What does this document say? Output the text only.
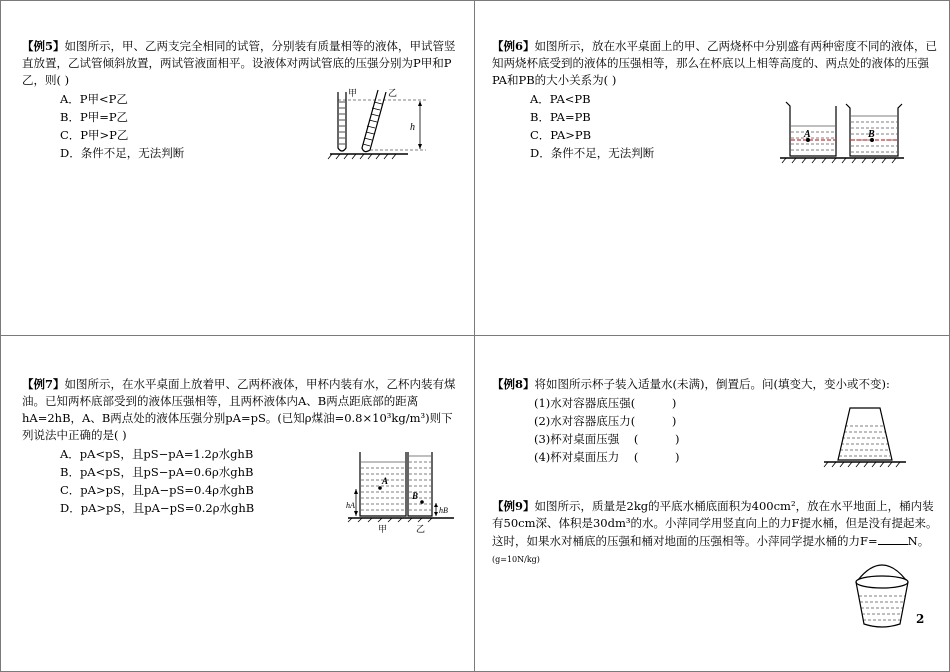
【例5】如图所示，甲、乙两支完全相同的试管，分别装有质量相等的液体，甲试管竖直放置，乙试管倾斜放置，两试管液面相平。设液体对两试管底的压强分别为P甲和P乙，则( )

A．P甲<P乙
B．P甲=P乙
C．P甲>P乙
D．条件不足，无法判断
h
甲	乙

【例6】如图所示，放在水平桌面上的甲、乙两烧杯中分别盛有两种密度不同的液体，已知两烧杯底受到的液体的压强相等，那么在杯底以上相等高度的、两点处的液体的压强PA和PB的大小关系为( )

A．PA<PB
B．PA=PB
C．PA>PB
D．条件不足，无法判断
A	B

【例7】如图所示，在水平桌面上放着甲、乙两杯液体，甲杯内装有水，乙杯内装有煤油。已知两杯底部受到的液体压强相等，且两杯液体内A、B两点距底部的距离hA=2hB，A、B两点处的液体压强分别pA=pS。(已知ρ煤油=0.8×10³kg/m³)则下列说法中正确的是( )

A．pA<pS，且pS−pA=1.2ρ水ghB
B．pA<pS，且pS−pA=0.6ρ水ghB
C．pA>pS，且pA−pS=0.4ρ水ghB
D．pA>pS，且pA−pS=0.2ρ水ghB
A
B
hA
hB
甲	乙

【例8】将如图所示杯子装入适量水(未满)，倒置后。问(填变大，变小或不变):

(1)水对容器底压强(          )
(2)水对容器底压力(          )
(3)杯对桌面压强    (          )
(4)杯对桌面压力    (          )

【例9】如图所示，质量是2kg的平底水桶底面积为400cm²，放在水平地面上，桶内装有50cm深、体积是30dm³的水。小萍同学用竖直向上的力F提水桶，但是没有提起来。这时，如果水对桶底的压强和桶对地面的压强相等。小萍同学提水桶的力F=	N。(g=10N/kg)

2
